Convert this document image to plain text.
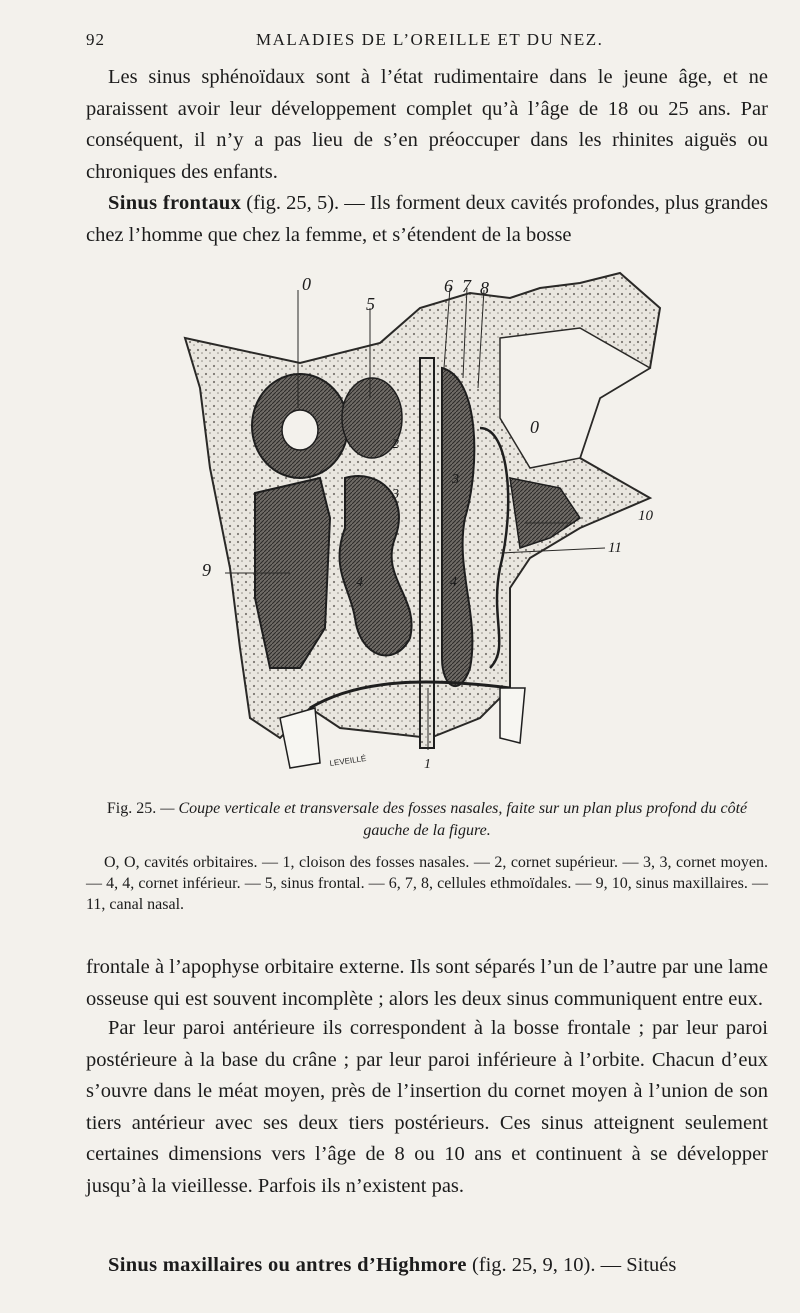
92	MALADIES DE L’OREILLE ET DU NEZ.

Les sinus sphénoïdaux sont à l’état rudimentaire dans le jeune âge, et ne paraissent avoir leur développement complet qu’à l’âge de 18 ou 25 ans. Par conséquent, il n’y a pas lieu de s’en préoccuper dans les rhinites aiguës ou chroniques des enfants.

Sinus frontaux (fig. 25, 5). — Ils forment deux cavités profondes, plus grandes chez l’homme que chez la femme, et s’étendent de la bosse

0
5
6 7 8
0
2
3
3
10
9
4	4
11
1
LEVEILLÉ
Fig. 25. — Coupe verticale et transversale des fosses nasales, faite sur un plan plus profond du côté gauche de la figure.
O, O, cavités orbitaires. — 1, cloison des fosses nasales. — 2, cornet supérieur. — 3, 3, cornet moyen. — 4, 4, cornet inférieur. — 5, sinus frontal. — 6, 7, 8, cellules ethmoïdales. — 9, 10, sinus maxillaires. — 11, canal nasal.

frontale à l’apophyse orbitaire externe. Ils sont séparés l’un de l’autre par une lame osseuse qui est souvent incomplète ; alors les deux sinus communiquent entre eux.

Par leur paroi antérieure ils correspondent à la bosse frontale ; par leur paroi postérieure à la base du crâne ; par leur paroi inférieure à l’orbite. Chacun d’eux s’ouvre dans le méat moyen, près de l’insertion du cornet moyen à l’union de son tiers antérieur avec ses deux tiers postérieurs. Ces sinus atteignent seulement certaines dimensions vers l’âge de 8 ou 10 ans et continuent à se développer jusqu’à la vieillesse. Parfois ils n’existent pas.

Sinus maxillaires ou antres d’Highmore (fig. 25, 9, 10). — Situés
